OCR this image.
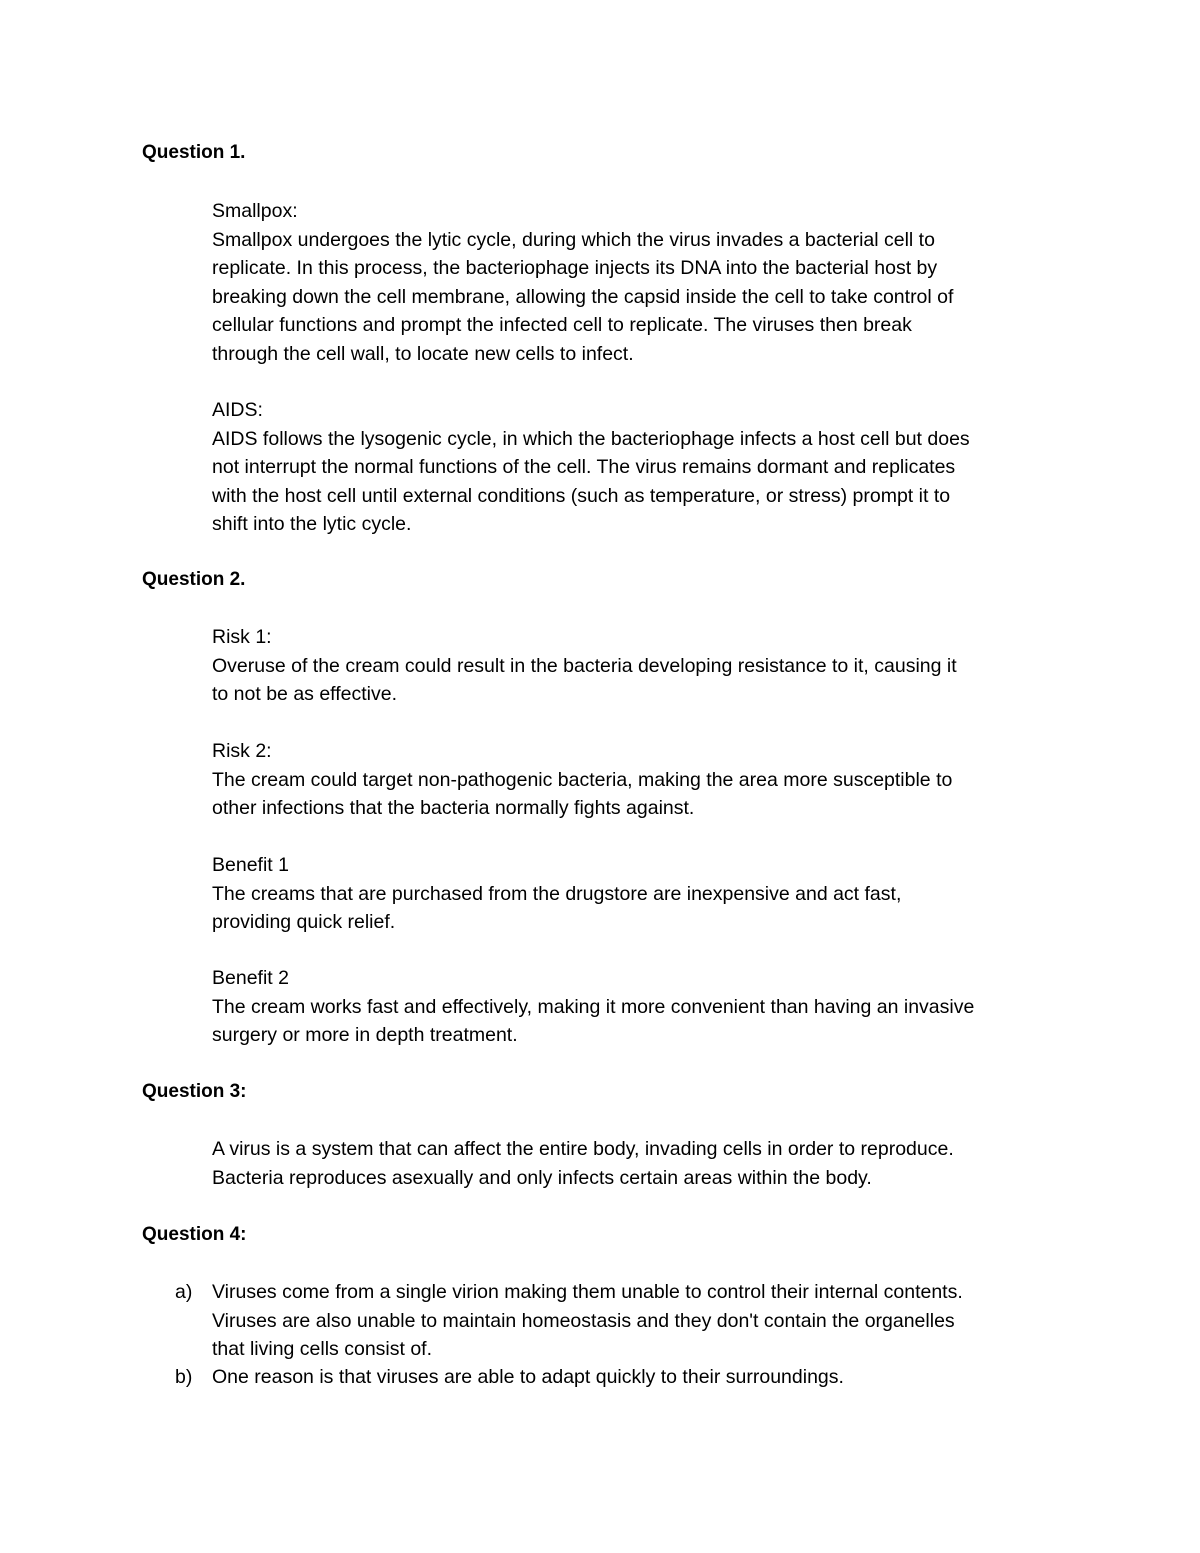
Question 1.

Smallpox:

Smallpox undergoes the lytic cycle, during which the virus invades a bacterial cell to

replicate. In this process, the bacteriophage injects its DNA into the bacterial host by

breaking down the cell membrane, allowing the capsid inside the cell to take control of

cellular functions and prompt the infected cell to replicate. The viruses then break

through the cell wall, to locate new cells to infect.

AIDS:

AIDS follows the lysogenic cycle, in which the bacteriophage infects a host cell but does

not interrupt the normal functions of the cell. The virus remains dormant and replicates

with the host cell until external conditions (such as temperature, or stress) prompt it to

shift into the lytic cycle.

Question 2.

Risk 1:

Overuse of the cream could result in the bacteria developing resistance to it, causing it

to not be as effective.

Risk 2:

The cream could target non-pathogenic bacteria, making the area more susceptible to

other infections that the bacteria normally fights against.

Benefit 1

The creams that are purchased from the drugstore are inexpensive and act fast,

providing quick relief.

Benefit 2

The cream works fast and effectively, making it more convenient than having an invasive

surgery or more in depth treatment.

Question 3:

A virus is a system that can affect the entire body, invading cells in order to reproduce.

Bacteria reproduces asexually and only infects certain areas within the body.

Question 4:
a) Viruses come from a single virion making them unable to control their internal contents.

Viruses are also unable to maintain homeostasis and they don't contain the organelles

that living cells consist of.

b) One reason is that viruses are able to adapt quickly to their surroundings.
